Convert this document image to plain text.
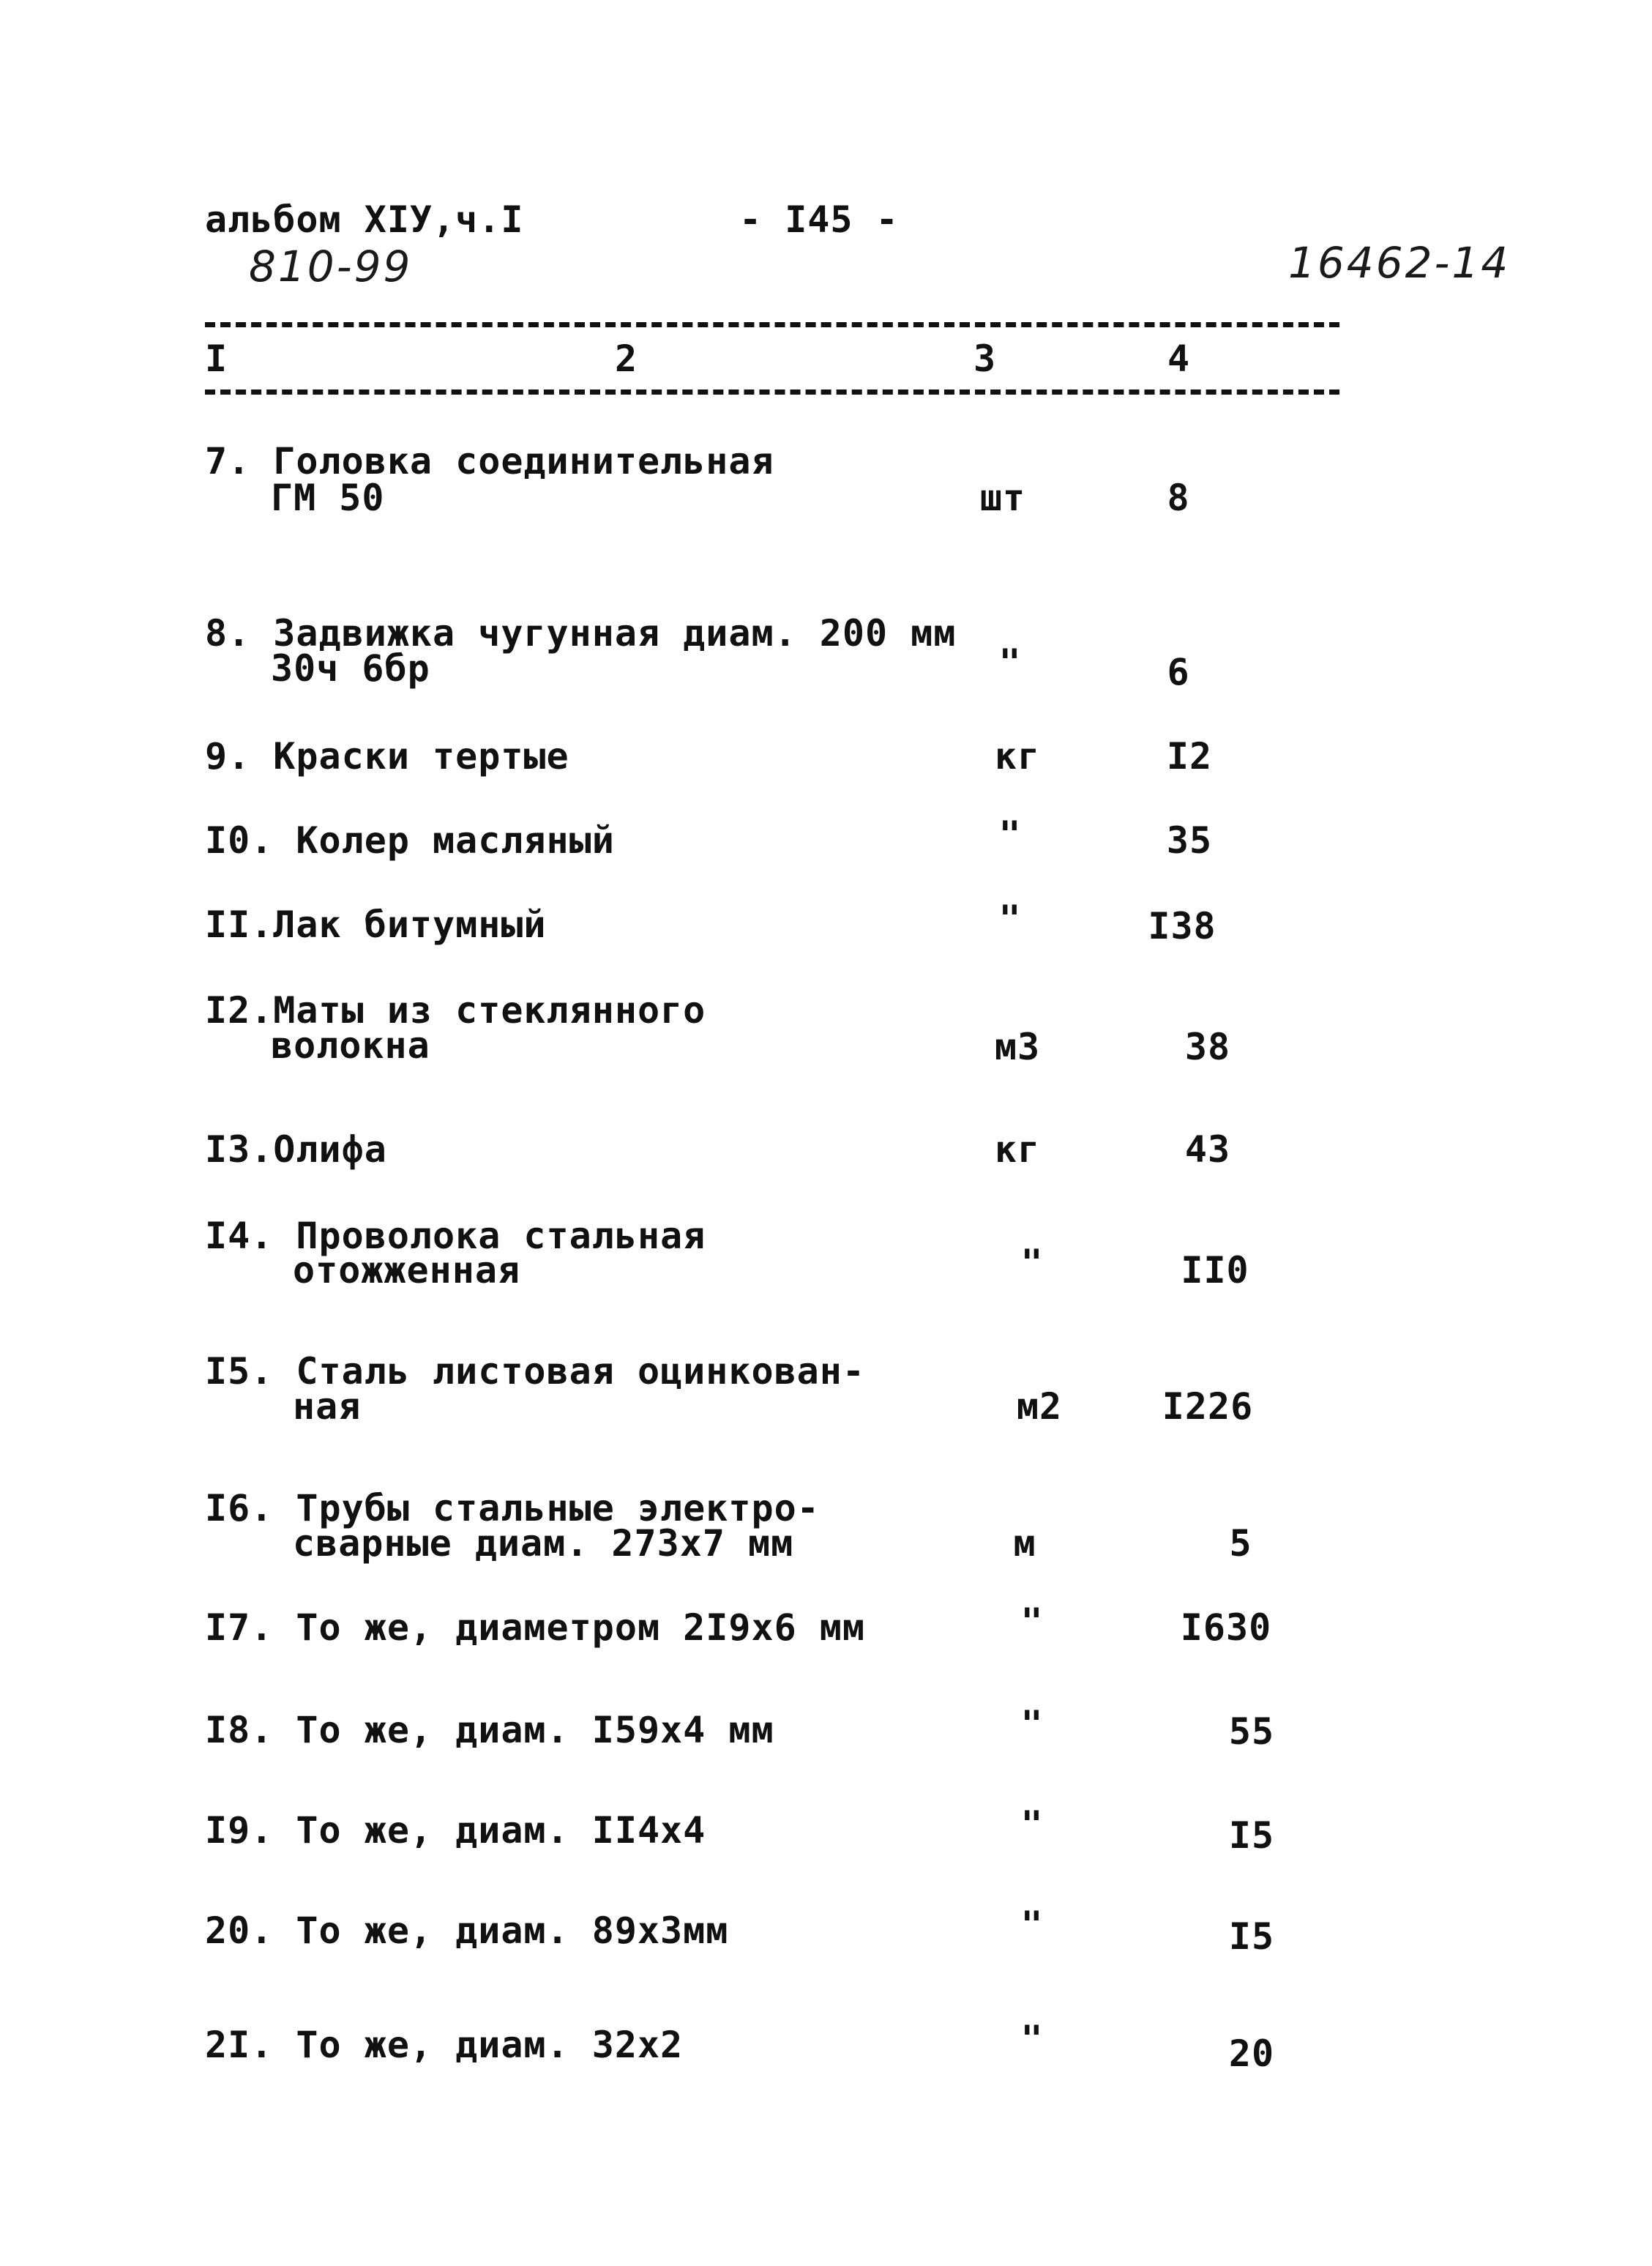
альбом XIУ,ч.I	- I45 -
810-99	16462-14
I	2	3	4
7. Головка соединительная
ГМ 50	шт	8
8. Задвижка чугунная диам. 200 мм
30ч 6бр	"	6
9. Краски тертые	кг	I2
I0. Колер масляный	"	35
II.Лак битумный	"	I38
I2.Маты из стеклянного
волокна	м3	38
I3.Олифа	кг	43
I4. Проволока стальная
отожженная	"	II0
I5. Сталь листовая оцинкован-
ная	м2	I226
I6. Трубы стальные электро-
сварные диам. 273х7 мм	м	5
I7. То же, диаметром 2I9х6 мм	"	I630
I8. То же, диам. I59х4 мм	"	55
I9. То же, диам. II4х4	"	I5
20. То же, диам. 89х3мм	"	I5
2I. То же, диам. 32х2	"	20
